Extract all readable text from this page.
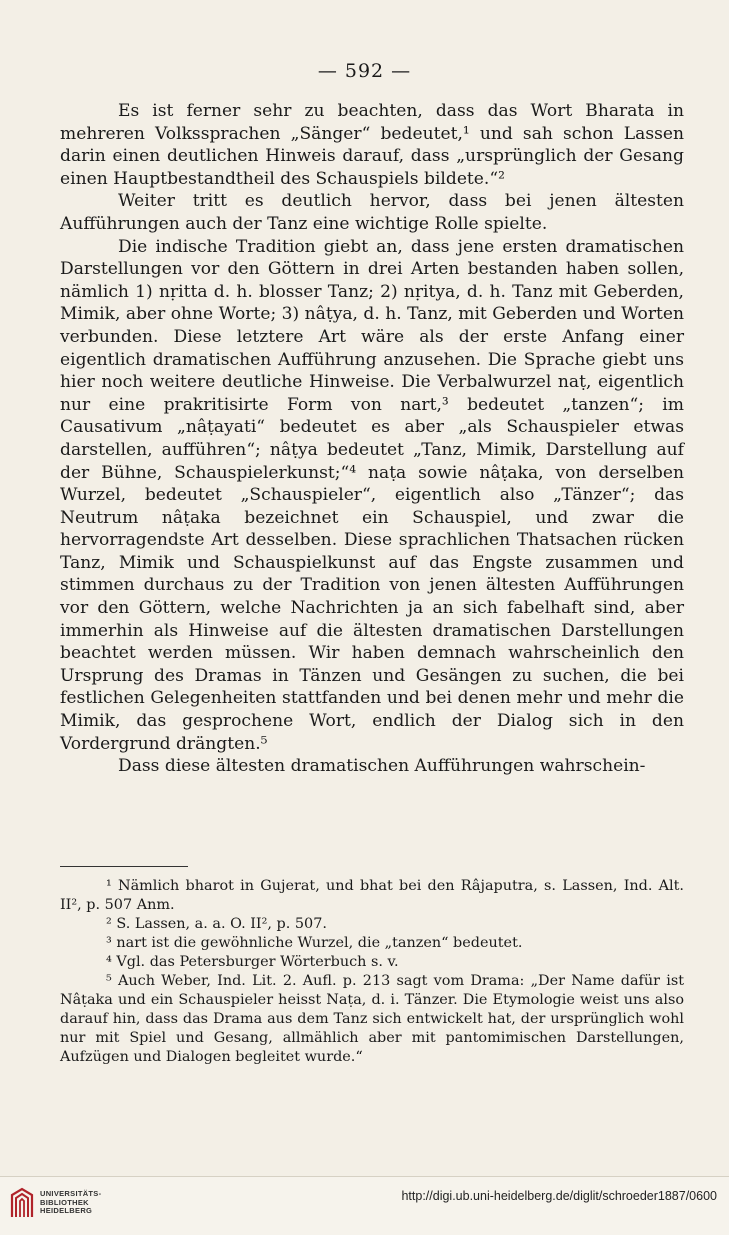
— 592 —

Es ist ferner sehr zu beachten, dass das Wort Bharata in mehreren Volkssprachen „Sänger“ bedeutet,¹ und sah schon Lassen darin einen deutlichen Hinweis darauf, dass „ursprünglich der Gesang einen Hauptbestandtheil des Schauspiels bildete.“²

Weiter tritt es deutlich hervor, dass bei jenen ältesten Aufführungen auch der Tanz eine wichtige Rolle spielte.

Die indische Tradition giebt an, dass jene ersten dramatischen Darstellungen vor den Göttern in drei Arten bestanden haben sollen, nämlich 1) nṛitta d. h. blosser Tanz; 2) nṛitya, d. h. Tanz mit Geberden, Mimik, aber ohne Worte; 3) nâṭya, d. h. Tanz, mit Geberden und Worten verbunden. Diese letztere Art wäre als der erste Anfang einer eigentlich dramatischen Aufführung anzusehen. Die Sprache giebt uns hier noch weitere deutliche Hinweise. Die Verbalwurzel naṭ, eigentlich nur eine prakritisirte Form von nart,³ bedeutet „tanzen“; im Causativum „nâṭayati“ bedeutet es aber „als Schauspieler etwas darstellen, aufführen“; nâṭya bedeutet „Tanz, Mimik, Darstellung auf der Bühne, Schauspielerkunst;“⁴ naṭa sowie nâṭaka, von derselben Wurzel, bedeutet „Schauspieler“, eigentlich also „Tänzer“; das Neutrum nâṭaka bezeichnet ein Schauspiel, und zwar die hervorragendste Art desselben. Diese sprachlichen Thatsachen rücken Tanz, Mimik und Schauspielkunst auf das Engste zusammen und stimmen durchaus zu der Tradition von jenen ältesten Aufführungen vor den Göttern, welche Nachrichten ja an sich fabelhaft sind, aber immerhin als Hinweise auf die ältesten dramatischen Darstellungen beachtet werden müssen. Wir haben demnach wahrscheinlich den Ursprung des Dramas in Tänzen und Gesängen zu suchen, die bei festlichen Gelegenheiten stattfanden und bei denen mehr und mehr die Mimik, das gesprochene Wort, endlich der Dialog sich in den Vordergrund drängten.⁵

Dass diese ältesten dramatischen Aufführungen wahrschein-

¹ Nämlich bharot in Gujerat, und bhat bei den Râjaputra, s. Lassen, Ind. Alt. II², p. 507 Anm.

² S. Lassen, a. a. O. II², p. 507.

³ nart ist die gewöhnliche Wurzel, die „tanzen“ bedeutet.

⁴ Vgl. das Petersburger Wörterbuch s. v.

⁵ Auch Weber, Ind. Lit. 2. Aufl. p. 213 sagt vom Drama: „Der Name dafür ist Nâṭaka und ein Schauspieler heisst Naṭa, d. i. Tänzer. Die Etymologie weist uns also darauf hin, dass das Drama aus dem Tanz sich entwickelt hat, der ursprünglich wohl nur mit Spiel und Gesang, allmählich aber mit pantomimischen Darstellungen, Aufzügen und Dialogen begleitet wurde.“

UNIVERSITÄTS-
BIBLIOTHEK
HEIDELBERG
http://digi.ub.uni-heidelberg.de/diglit/schroeder1887/0600
